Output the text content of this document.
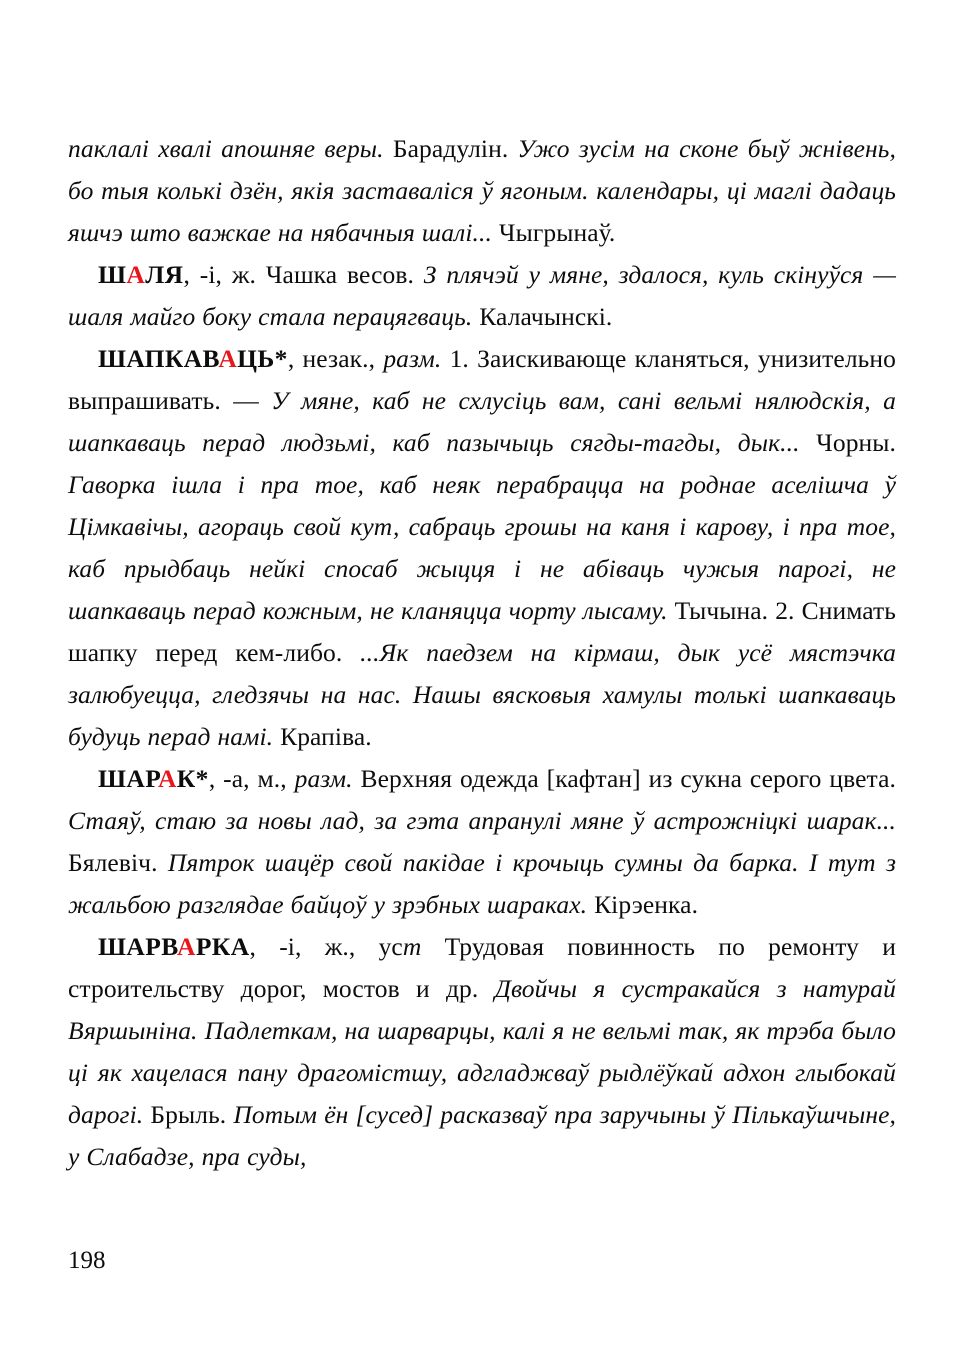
паклалі хвалі апошняе веры. Барадулін. Ужо зусім на сконе быў жнівень, бо тыя колькі дзён, якія заставаліся ў ягоным. календары, ці маглі дадаць яшчэ што важкае на нябачныя шалі... Чыгрынаў.

ШАЛЯ, -і, ж. Чашка весов. З плячэй у мяне, здалося, куль скінуўся — шаля майго боку стала перацягваць. Калачынскі.

ШАПКАВАЦЬ*, незак., разм. 1. Заискивающе кланяться, унизительно выпрашивать. — У мяне, каб не схлусіць вам, сані вельмі нялюдскія, а шапкаваць перад людзьмі, каб пазычыць сягды-тагды, дык... Чорны. Гаворка ішла і пра тое, каб неяк перабрацца на роднае аселішча ў Цімкавічы, агораць свой кут, сабраць грошы на каня і карову, і пра тое, каб прыдбаць нейкі спосаб жыцця і не абіваць чужыя парогі, не шапкаваць перад кожным, не кланяцца чорту лысаму. Тычына. 2. Снимать шапку перед кем-либо. ...Як паедзем на кірмаш, дык усё мястэчка залюбуецца, гледзячы на нас. Нашы вясковыя хамулы толькі шапкаваць будуць перад намі. Крапіва.

ШАРАК*, -а, м., разм. Верхняя одежда [кафтан] из сукна серого цвета. Стаяў, стаю за новы лад, за гэта апранулі мяне ў астрожніцкі шарак... Бялевіч. Пятрок шацёр свой пакідае і крочыць сумны да барка. І тут з жальбою разглядае байцоў у зрэбных шараках. Кірэенка.

ШАРВАРКА, -і, ж., уст Трудовая повинность по ремонту и строительству дорог, мостов и др. Двойчы я сустракайся з натурай Вяршыніна. Падлеткам, на шарварцы, калі я не вельмі так, як трэба было ці як хацелася пану драгомістшу, адгладжваў рыдлёўкай адхон глыбокай дарогі. Брыль. Потым ён [сусед] расказваў пра заручыны ў Пількаўшчыне, у Слабадзе, пра суды,

198
